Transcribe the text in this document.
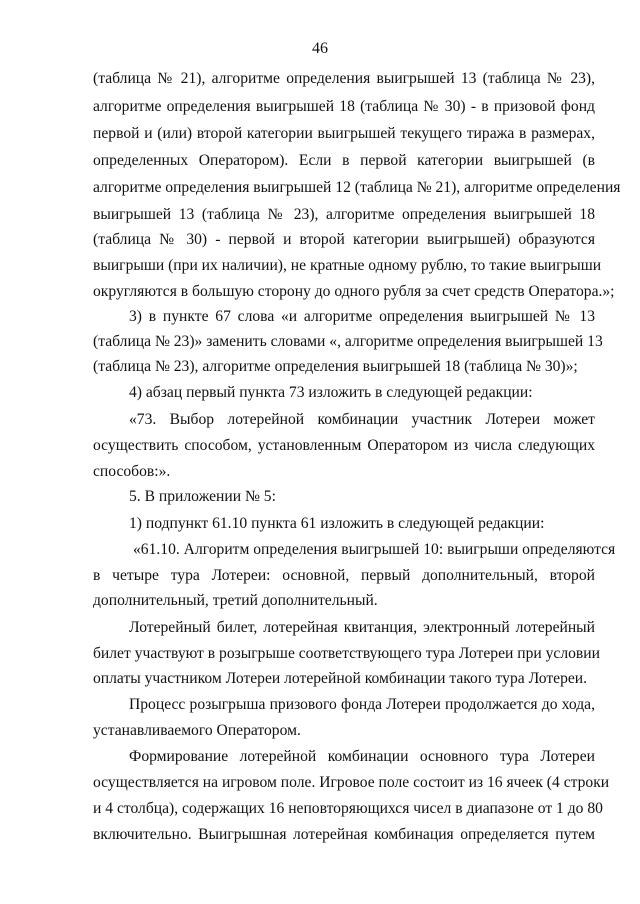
46
(таблица № 21), алгоритме определения выигрышей 13 (таблица № 23),
алгоритме определения выигрышей 18 (таблица № 30) - в призовой фонд
первой и (или) второй категории выигрышей текущего тиража в размерах,
определенных Оператором). Если в первой категории выигрышей (в
алгоритме определения выигрышей 12 (таблица № 21), алгоритме определения
выигрышей 13 (таблица № 23), алгоритме определения выигрышей 18
(таблица № 30) - первой и второй категории выигрышей) образуются
выигрыши (при их наличии), не кратные одному рублю, то такие выигрыши
округляются в большую сторону до одного рубля за счет средств Оператора.»;
3) в пункте 67 слова «и алгоритме определения выигрышей № 13
(таблица № 23)» заменить словами «, алгоритме определения выигрышей 13
(таблица № 23), алгоритме определения выигрышей 18 (таблица № 30)»;
4) абзац первый пункта 73 изложить в следующей редакции:
«73. Выбор лотерейной комбинации участник Лотереи может
осуществить способом, установленным Оператором из числа следующих
способов:».
5. В приложении № 5:
1) подпункт 61.10 пункта 61 изложить в следующей редакции:
«61.10. Алгоритм определения выигрышей 10: выигрыши определяются
в четыре тура Лотереи: основной, первый дополнительный, второй
дополнительный, третий дополнительный.
Лотерейный билет, лотерейная квитанция, электронный лотерейный
билет участвуют в розыгрыше соответствующего тура Лотереи при условии
оплаты участником Лотереи лотерейной комбинации такого тура Лотереи.
Процесс розыгрыша призового фонда Лотереи продолжается до хода,
устанавливаемого Оператором.
Формирование лотерейной комбинации основного тура Лотереи
осуществляется на игровом поле. Игровое поле состоит из 16 ячеек (4 строки
и 4 столбца), содержащих 16 неповторяющихся чисел в диапазоне от 1 до 80
включительно. Выигрышная лотерейная комбинация определяется путем
